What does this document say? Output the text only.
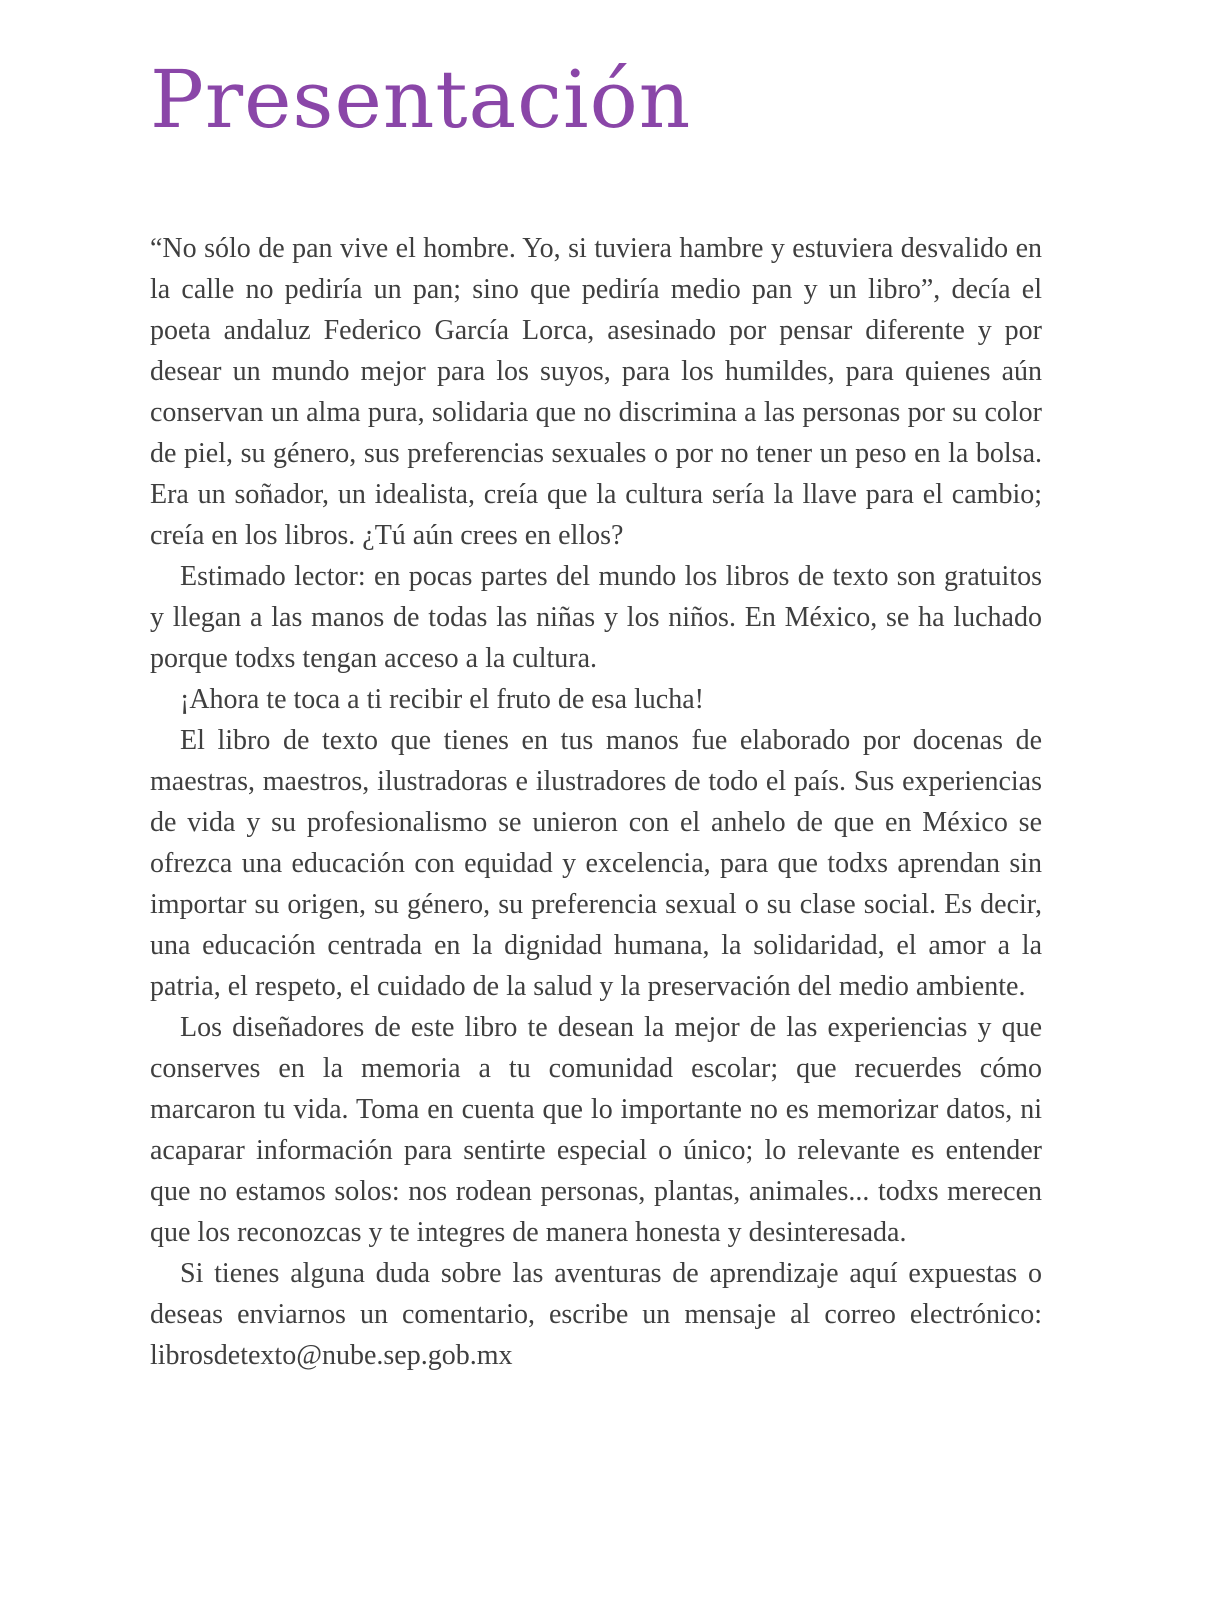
Presentación

“No sólo de pan vive el hombre. Yo, si tuviera hambre y estuviera desvalido en la calle no pediría un pan; sino que pediría medio pan y un libro”, decía el poeta andaluz Federico García Lorca, asesinado por pensar diferente y por desear un mundo mejor para los suyos, para los humildes, para quienes aún conservan un alma pura, solidaria que no discrimina a las personas por su color de piel, su género, sus preferencias sexuales o por no tener un peso en la bolsa. Era un soñador, un idealista, creía que la cultura sería la llave para el cambio; creía en los libros. ¿Tú aún crees en ellos?

Estimado lector: en pocas partes del mundo los libros de texto son gratuitos y llegan a las manos de todas las niñas y los niños. En México, se ha luchado porque todxs tengan acceso a la cultura.

¡Ahora te toca a ti recibir el fruto de esa lucha!

El libro de texto que tienes en tus manos fue elaborado por docenas de maestras, maestros, ilustradoras e ilustradores de todo el país. Sus experiencias de vida y su profesionalismo se unieron con el anhelo de que en México se ofrezca una educación con equidad y excelencia, para que todxs aprendan sin importar su origen, su género, su preferencia sexual o su clase social. Es decir, una educación centrada en la dignidad humana, la solidaridad, el amor a la patria, el respeto, el cuidado de la salud y la preservación del medio ambiente.

Los diseñadores de este libro te desean la mejor de las experiencias y que conserves en la memoria a tu comunidad escolar; que recuerdes cómo marcaron tu vida. Toma en cuenta que lo importante no es memorizar datos, ni acaparar información para sentirte especial o único; lo relevante es entender que no estamos solos: nos rodean personas, plantas, animales... todxs merecen que los reconozcas y te integres de manera honesta y desinteresada.

Si tienes alguna duda sobre las aventuras de aprendizaje aquí expuestas o deseas enviarnos un comentario, escribe un mensaje al correo electrónico: librosdetexto@nube.sep.gob.mx
